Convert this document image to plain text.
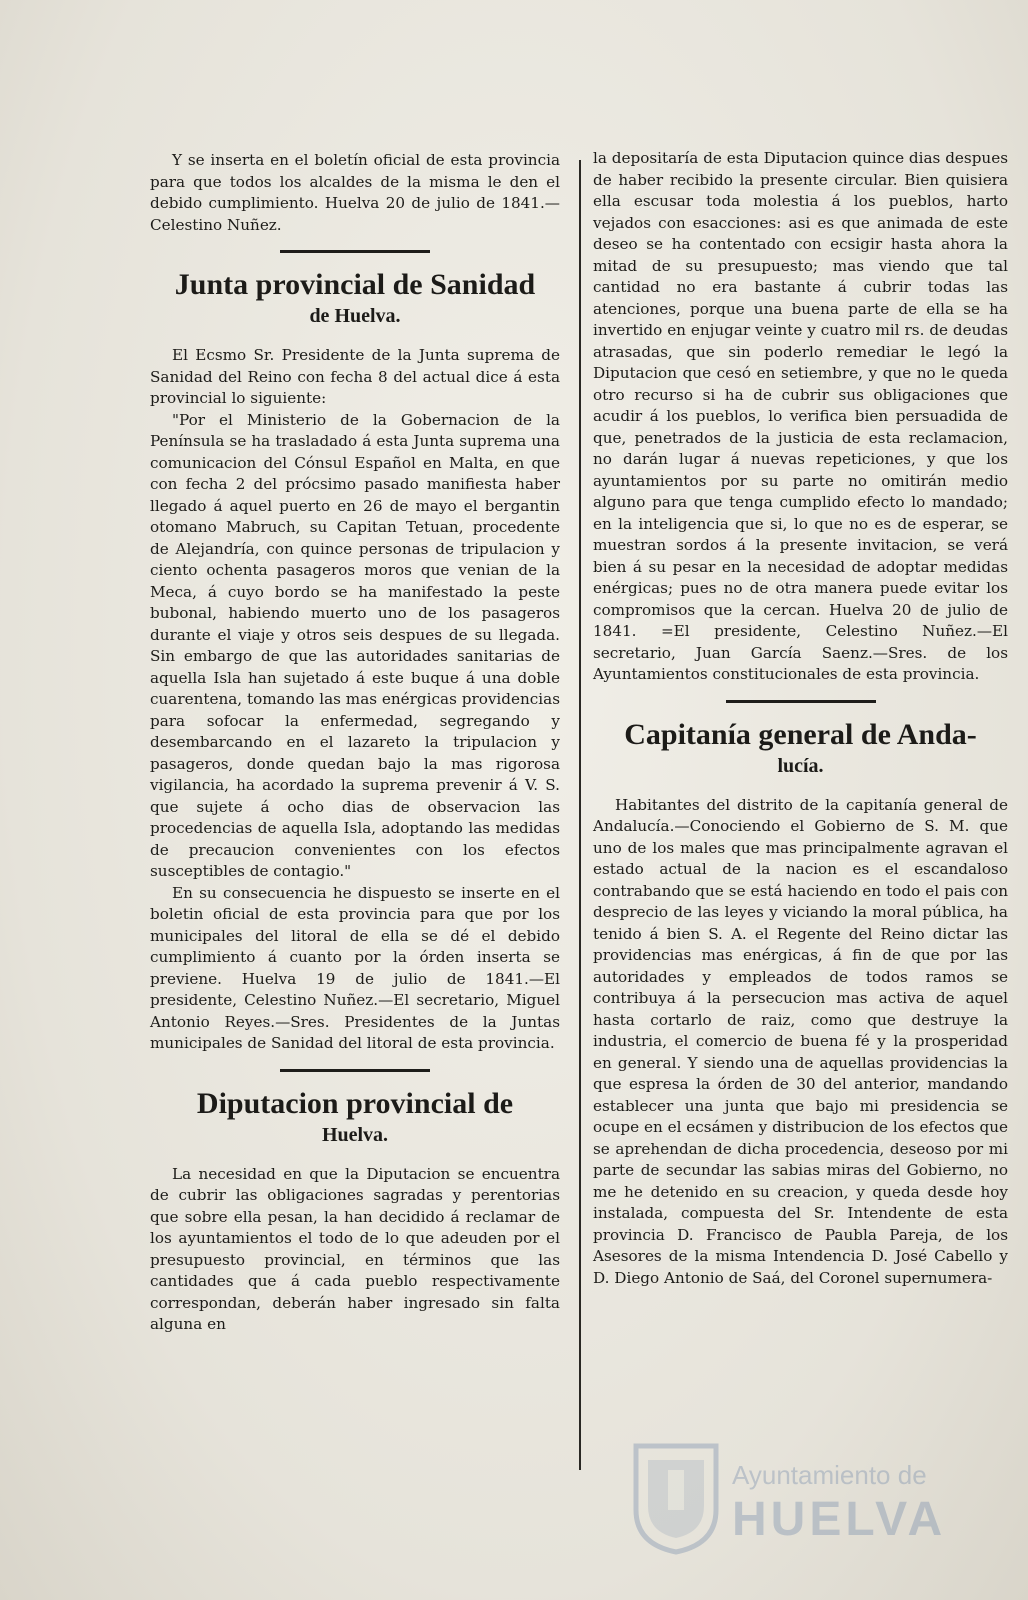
Y se inserta en el boletín oficial de esta provincia para que todos los alcaldes de la misma le den el debido cumplimiento. Huelva 20 de julio de 1841.—Celestino Nuñez.

Junta provincial de Sanidad
de Huelva.

El Ecsmo Sr. Presidente de la Junta suprema de Sanidad del Reino con fecha 8 del actual dice á esta provincial lo siguiente:

"Por el Ministerio de la Gobernacion de la Península se ha trasladado á esta Junta suprema una comunicacion del Cónsul Español en Malta, en que con fecha 2 del prócsimo pasado manifiesta haber llegado á aquel puerto en 26 de mayo el bergantin otomano Mabruch, su Capitan Tetuan, procedente de Alejandría, con quince personas de tripulacion y ciento ochenta pasageros moros que venian de la Meca, á cuyo bordo se ha manifestado la peste bubonal, habiendo muerto uno de los pasageros durante el viaje y otros seis despues de su llegada. Sin embargo de que las autoridades sanitarias de aquella Isla han sujetado á este buque á una doble cuarentena, tomando las mas enérgicas providencias para sofocar la enfermedad, segregando y desembarcando en el lazareto la tripulacion y pasageros, donde quedan bajo la mas rigorosa vigilancia, ha acordado la suprema prevenir á V. S. que sujete á ocho dias de observacion las procedencias de aquella Isla, adoptando las medidas de precaucion convenientes con los efectos susceptibles de contagio."

En su consecuencia he dispuesto se inserte en el boletin oficial de esta provincia para que por los municipales del litoral de ella se dé el debido cumplimiento á cuanto por la órden inserta se previene. Huelva 19 de julio de 1841.—El presidente, Celestino Nuñez.—El secretario, Miguel Antonio Reyes.—Sres. Presidentes de la Juntas municipales de Sanidad del litoral de esta provincia.

Diputacion provincial de
Huelva.

La necesidad en que la Diputacion se encuentra de cubrir las obligaciones sagradas y perentorias que sobre ella pesan, la han decidido á reclamar de los ayuntamientos el todo de lo que adeuden por el presupuesto provincial, en términos que las cantidades que á cada pueblo respectivamente correspondan, deberán haber ingresado sin falta alguna en

la depositaría de esta Diputacion quince dias despues de haber recibido la presente circular. Bien quisiera ella escusar toda molestia á los pueblos, harto vejados con esacciones: asi es que animada de este deseo se ha contentado con ecsigir hasta ahora la mitad de su presupuesto; mas viendo que tal cantidad no era bastante á cubrir todas las atenciones, porque una buena parte de ella se ha invertido en enjugar veinte y cuatro mil rs. de deudas atrasadas, que sin poderlo remediar le legó la Diputacion que cesó en setiembre, y que no le queda otro recurso si ha de cubrir sus obligaciones que acudir á los pueblos, lo verifica bien persuadida de que, penetrados de la justicia de esta reclamacion, no darán lugar á nuevas repeticiones, y que los ayuntamientos por su parte no omitirán medio alguno para que tenga cumplido efecto lo mandado; en la inteligencia que si, lo que no es de esperar, se muestran sordos á la presente invitacion, se verá bien á su pesar en la necesidad de adoptar medidas enérgicas; pues no de otra manera puede evitar los compromisos que la cercan. Huelva 20 de julio de 1841. =El presidente, Celestino Nuñez.—El secretario, Juan García Saenz.—Sres. de los Ayuntamientos constitucionales de esta provincia.

Capitanía general de Anda-
lucía.

Habitantes del distrito de la capitanía general de Andalucía.—Conociendo el Gobierno de S. M. que uno de los males que mas principalmente agravan el estado actual de la nacion es el escandaloso contrabando que se está haciendo en todo el pais con desprecio de las leyes y viciando la moral pública, ha tenido á bien S. A. el Regente del Reino dictar las providencias mas enérgicas, á fin de que por las autoridades y empleados de todos ramos se contribuya á la persecucion mas activa de aquel hasta cortarlo de raiz, como que destruye la industria, el comercio de buena fé y la prosperidad en general. Y siendo una de aquellas providencias la que espresa la órden de 30 del anterior, mandando establecer una junta que bajo mi presidencia se ocupe en el ecsámen y distribucion de los efectos que se aprehendan de dicha procedencia, deseoso por mi parte de secundar las sabias miras del Gobierno, no me he detenido en su creacion, y queda desde hoy instalada, compuesta del Sr. Intendente de esta provincia D. Francisco de Paubla Pareja, de los Asesores de la misma Intendencia D. José Cabello y D. Diego Antonio de Saá, del Coronel supernumera-

Ayuntamiento de
HUELVA
